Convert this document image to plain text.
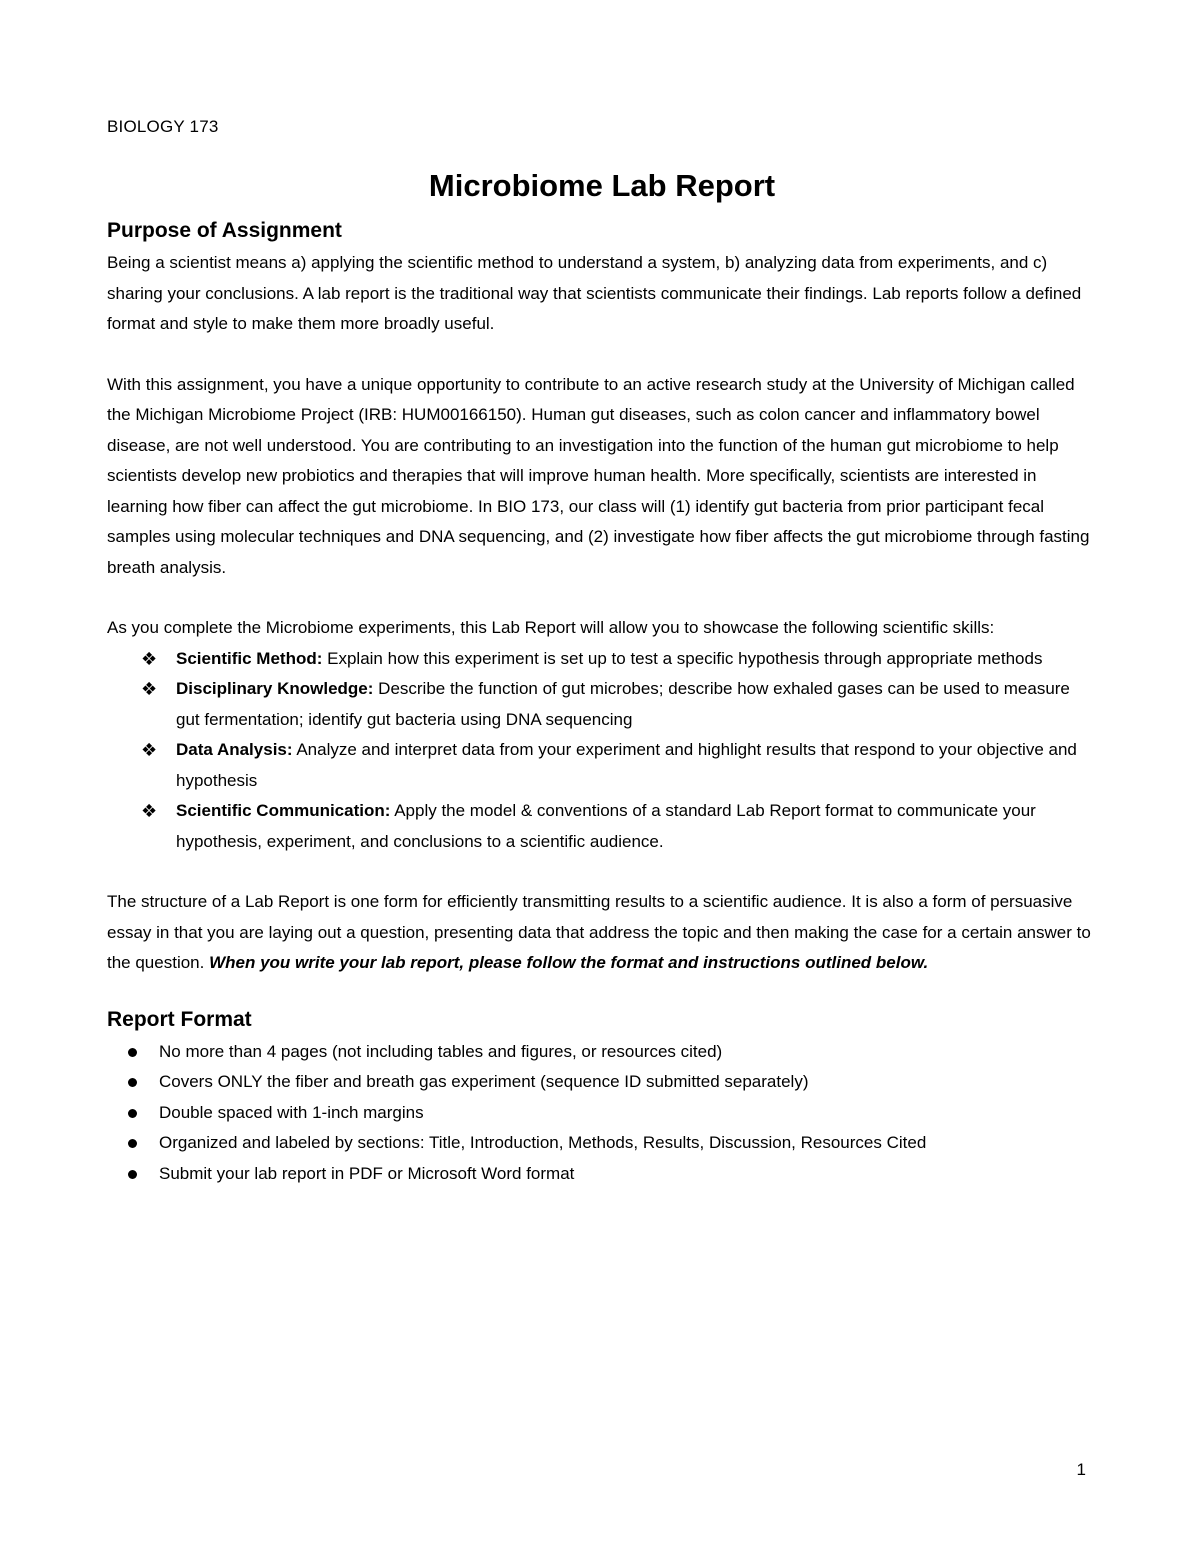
BIOLOGY 173

Microbiome Lab Report
Purpose of Assignment

Being a scientist means a) applying the scientific method to understand a system, b) analyzing data from experiments, and c) sharing your conclusions. A lab report is the traditional way that scientists communicate their findings. Lab reports follow a defined format and style to make them more broadly useful.

With this assignment, you have a unique opportunity to contribute to an active research study at the University of Michigan called the Michigan Microbiome Project (IRB: HUM00166150). Human gut diseases, such as colon cancer and inflammatory bowel disease, are not well understood. You are contributing to an investigation into the function of the human gut microbiome to help scientists develop new probiotics and therapies that will improve human health. More specifically, scientists are interested in learning how fiber can affect the gut microbiome. In BIO 173, our class will (1) identify gut bacteria from prior participant fecal samples using molecular techniques and DNA sequencing, and (2) investigate how fiber affects the gut microbiome through fasting breath analysis.

As you complete the Microbiome experiments, this Lab Report will allow you to showcase the following scientific skills:

❖ Scientific Method: Explain how this experiment is set up to test a specific hypothesis through appropriate methods
❖ Disciplinary Knowledge: Describe the function of gut microbes; describe how exhaled gases can be used to measure gut fermentation; identify gut bacteria using DNA sequencing
❖ Data Analysis: Analyze and interpret data from your experiment and highlight results that respond to your objective and hypothesis
❖ Scientific Communication: Apply the model & conventions of a standard Lab Report format to communicate your hypothesis, experiment, and conclusions to a scientific audience.

The structure of a Lab Report is one form for efficiently transmitting results to a scientific audience. It is also a form of persuasive essay in that you are laying out a question, presenting data that address the topic and then making the case for a certain answer to the question. When you write your lab report, please follow the format and instructions outlined below.

Report Format
No more than 4 pages (not including tables and figures, or resources cited)
Covers ONLY the fiber and breath gas experiment (sequence ID submitted separately)
Double spaced with 1-inch margins
Organized and labeled by sections: Title, Introduction, Methods, Results, Discussion, Resources Cited
Submit your lab report in PDF or Microsoft Word format
1
